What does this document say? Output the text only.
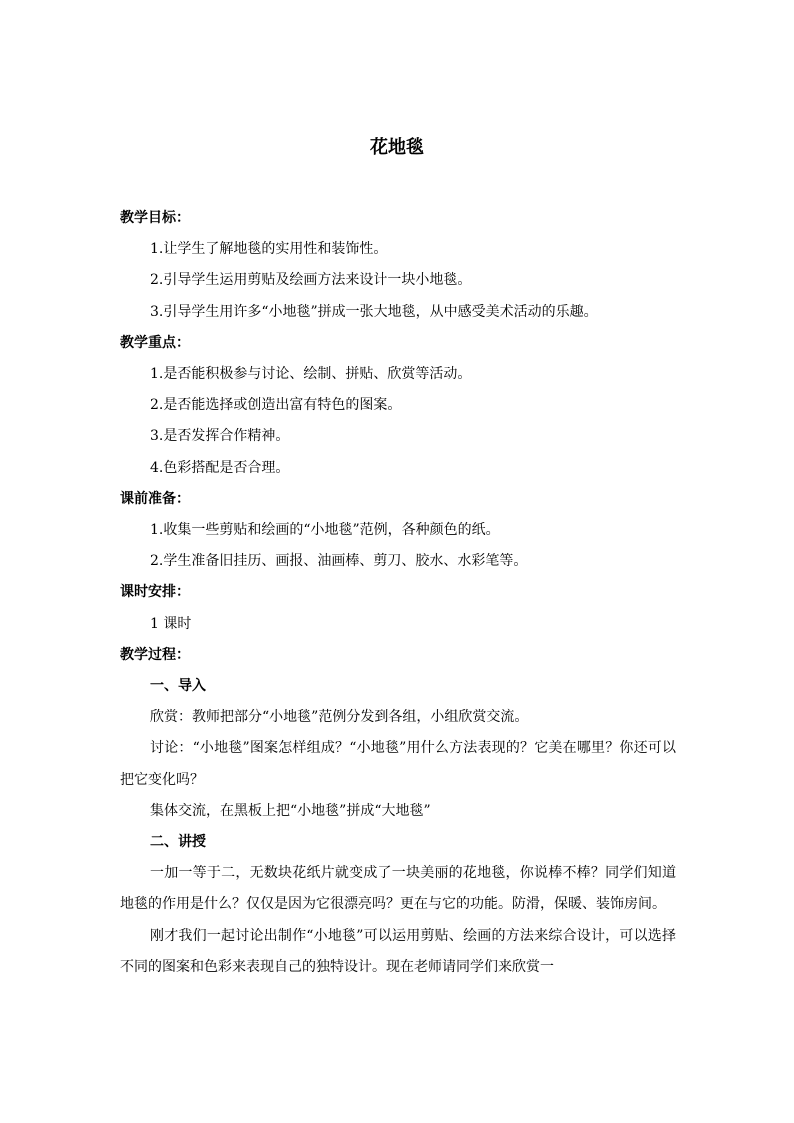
花地毯
教学目标：
1.让学生了解地毯的实用性和装饰性。
2.引导学生运用剪贴及绘画方法来设计一块小地毯。
3.引导学生用许多“小地毯”拼成一张大地毯，从中感受美术活动的乐趣。
教学重点：
1.是否能积极参与讨论、绘制、拼贴、欣赏等活动。
2.是否能选择或创造出富有特色的图案。
3.是否发挥合作精神。
4.色彩搭配是否合理。
课前准备：
1.收集一些剪贴和绘画的“小地毯”范例，各种颜色的纸。
2.学生准备旧挂历、画报、油画棒、剪刀、胶水、水彩笔等。
课时安排：
1 课时
教学过程：
一、导入
欣赏：教师把部分“小地毯”范例分发到各组，小组欣赏交流。
讨论：“小地毯”图案怎样组成？“小地毯”用什么方法表现的？它美在哪里？你还可以把它变化吗？
集体交流，在黑板上把“小地毯”拼成“大地毯”
二、讲授
一加一等于二，无数块花纸片就变成了一块美丽的花地毯，你说棒不棒？同学们知道地毯的作用是什么？仅仅是因为它很漂亮吗？更在与它的功能。防滑，保暖、装饰房间。
刚才我们一起讨论出制作“小地毯”可以运用剪贴、绘画的方法来综合设计，可以选择不同的图案和色彩来表现自己的独特设计。现在老师请同学们来欣赏一
